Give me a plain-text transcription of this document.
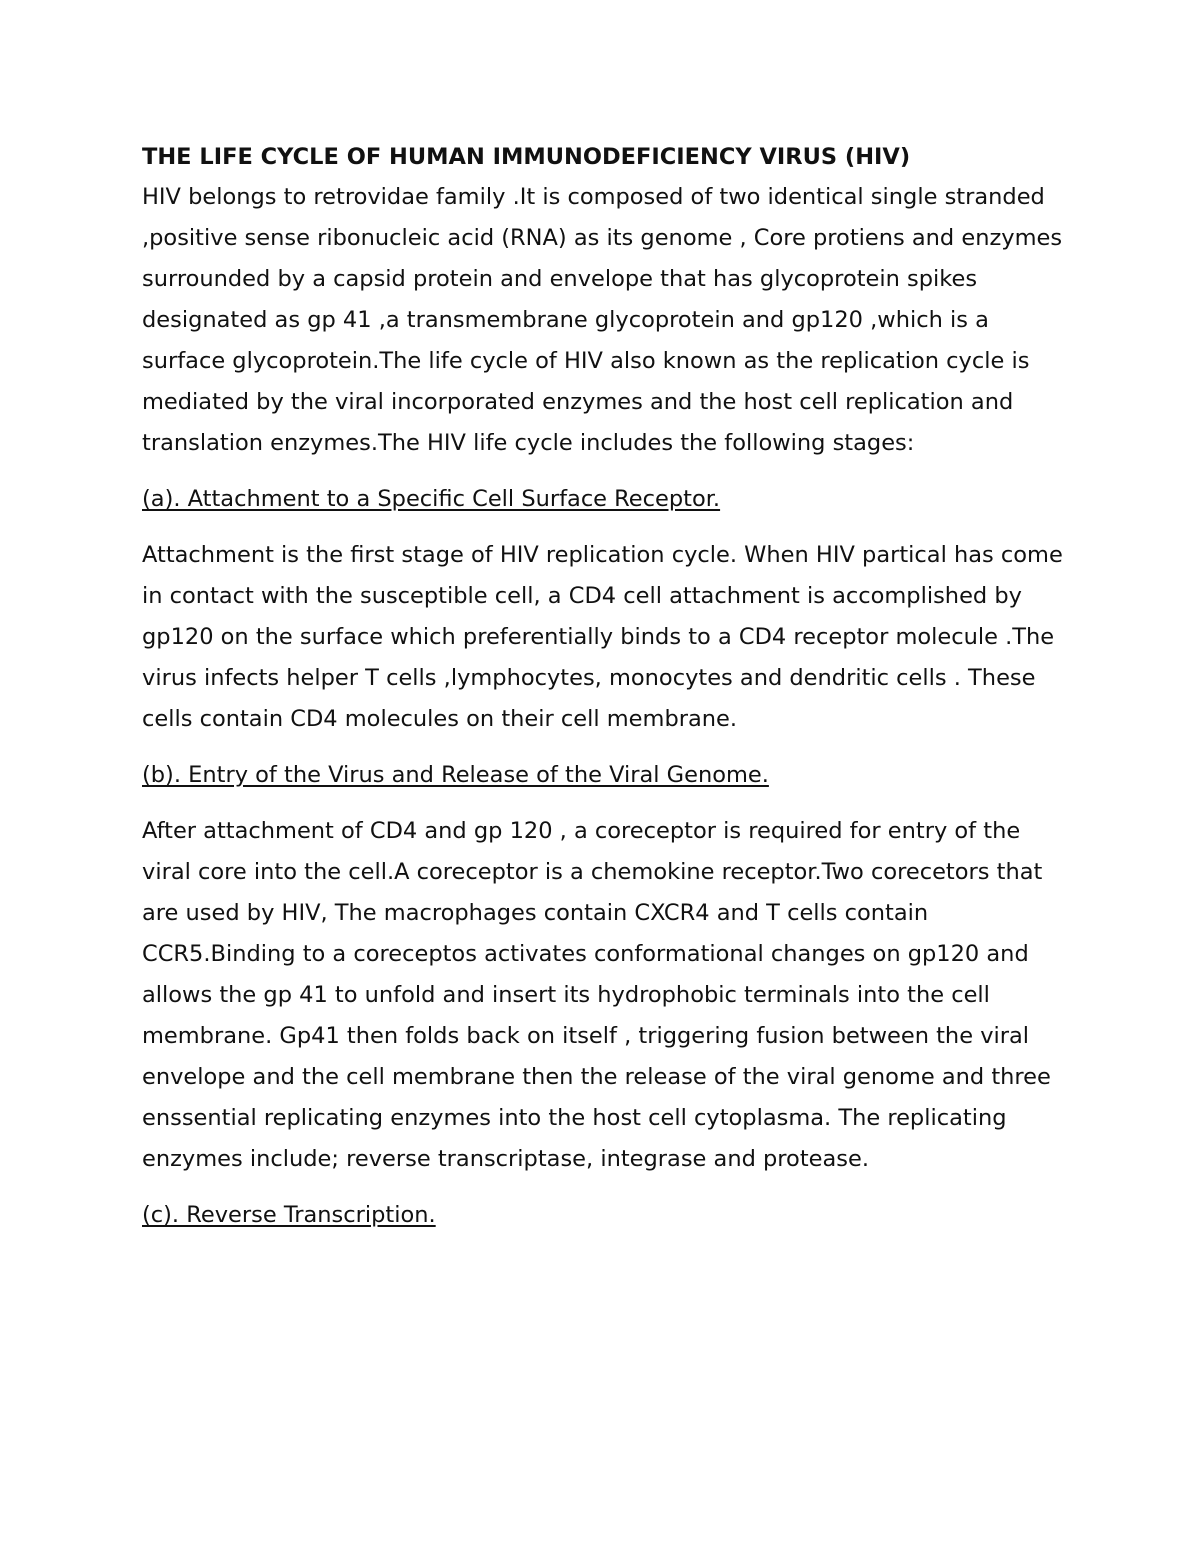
THE LIFE CYCLE OF HUMAN IMMUNODEFICIENCY VIRUS (HIV)
HIV belongs to retrovidae family .It is composed of two identical single stranded ,positive sense ribonucleic acid (RNA) as its genome , Core protiens and enzymes surrounded by a capsid protein and envelope that has glycoprotein spikes designated as gp 41 ,a transmembrane glycoprotein and gp120 ,which is a surface glycoprotein.The life cycle of HIV also known as the replication cycle is mediated by the viral incorporated enzymes and the host cell replication and translation enzymes.The HIV life cycle includes the following stages:
(a). Attachment to a Specific Cell Surface Receptor.
Attachment is the first stage of HIV replication cycle. When HIV partical has come in contact with the susceptible cell, a CD4 cell attachment is accomplished by gp120 on the surface which preferentially binds to a CD4 receptor molecule .The virus infects helper T cells ,lymphocytes, monocytes and dendritic cells . These cells contain CD4 molecules on their cell membrane.
(b). Entry of the Virus and Release of the Viral Genome.
After attachment of CD4 and gp 120 , a coreceptor is required for entry of the viral core into the cell.A coreceptor is a chemokine receptor.Two corecetors that are used by HIV, The macrophages contain CXCR4 and T cells contain CCR5.Binding to a coreceptos activates conformational changes on gp120 and allows the gp 41 to unfold and insert its hydrophobic terminals into the cell membrane. Gp41 then folds back on itself , triggering fusion between the viral envelope and the cell membrane then the release of the viral genome and three enssential replicating enzymes into the host cell cytoplasma. The replicating enzymes include; reverse transcriptase, integrase and protease.
(c). Reverse Transcription.
